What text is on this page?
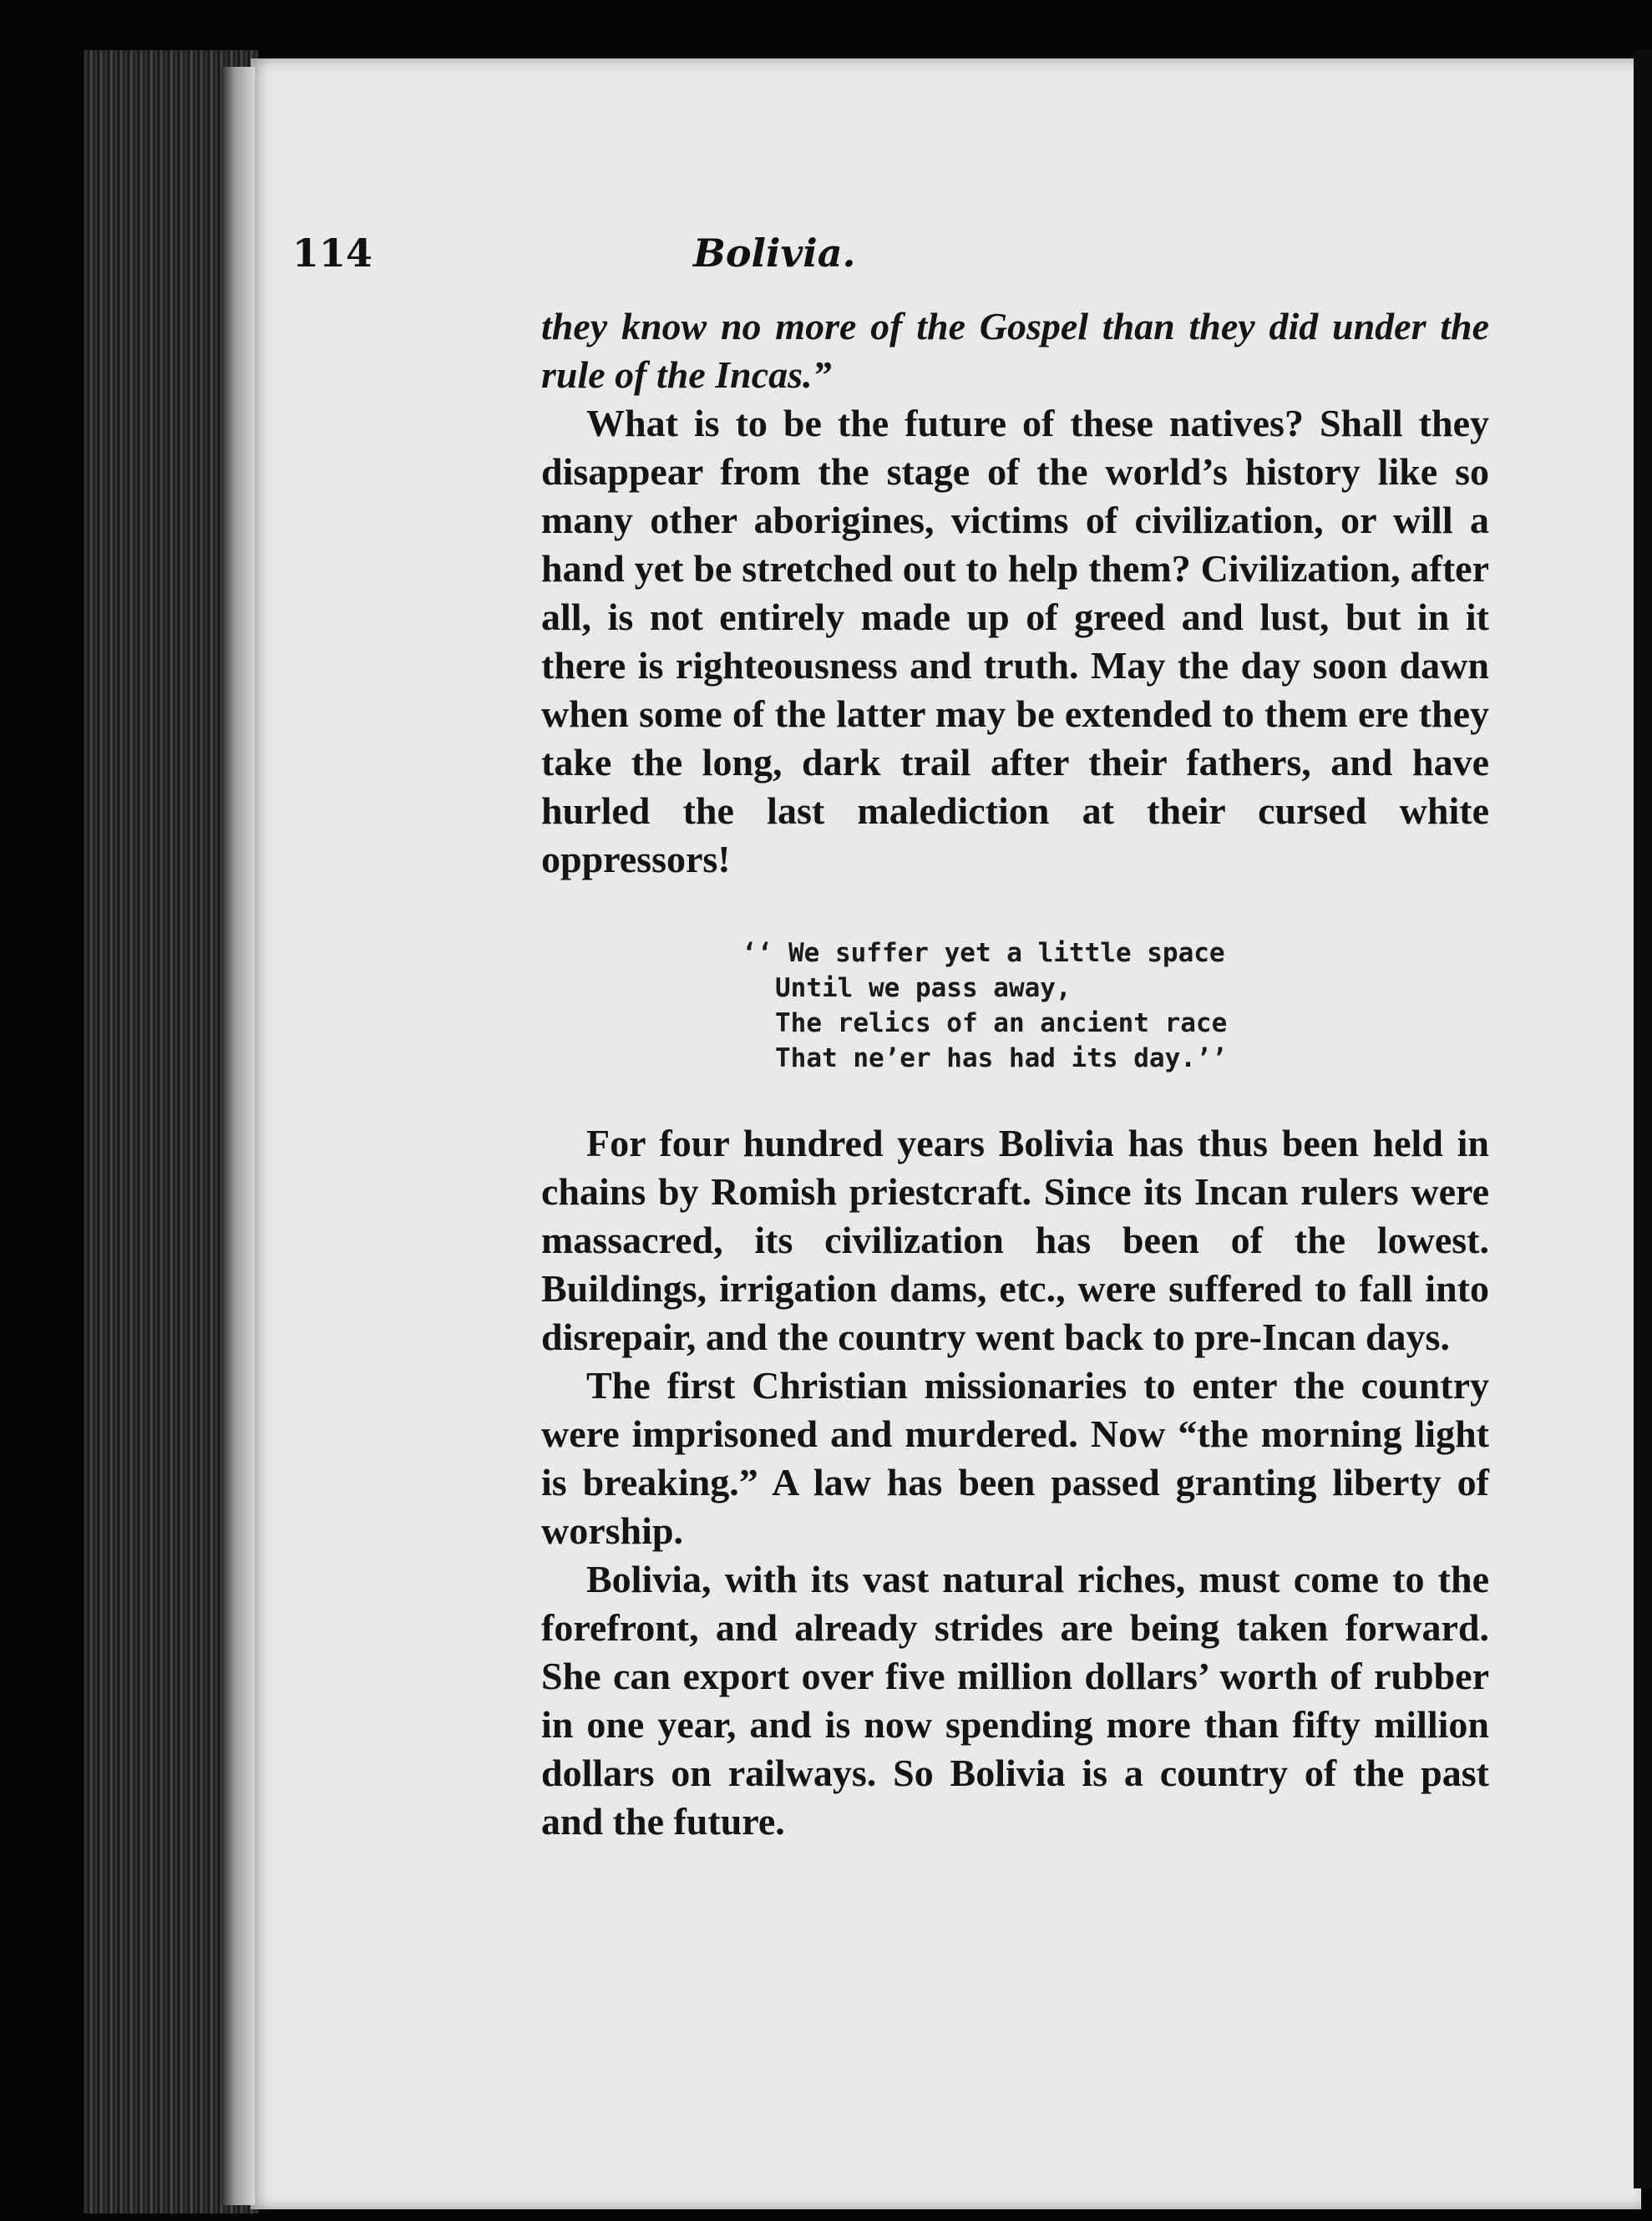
114	Bolivia.

they know no more of the Gospel than they did under the rule of the Incas.”

What is to be the future of these natives? Shall they disappear from the stage of the world’s history like so many other aborigines, victims of civilization, or will a hand yet be stretched out to help them? Civilization, after all, is not entirely made up of greed and lust, but in it there is righteousness and truth. May the day soon dawn when some of the latter may be extended to them ere they take the long, dark trail after their fathers, and have hurled the last malediction at their cursed white oppressors!

‘‘ We suffer yet a little space
Until we pass away,
The relics of an ancient race
That ne’er has had its day.’’

For four hundred years Bolivia has thus been held in chains by Romish priestcraft. Since its Incan rulers were massacred, its civilization has been of the lowest. Buildings, irrigation dams, etc., were suffered to fall into disrepair, and the country went back to pre-Incan days.

The first Christian missionaries to enter the country were imprisoned and murdered. Now “the morning light is breaking.” A law has been passed granting liberty of worship.

Bolivia, with its vast natural riches, must come to the forefront, and already strides are being taken forward. She can export over five million dollars’ worth of rubber in one year, and is now spending more than fifty million dollars on railways. So Bolivia is a country of the past and the future.
